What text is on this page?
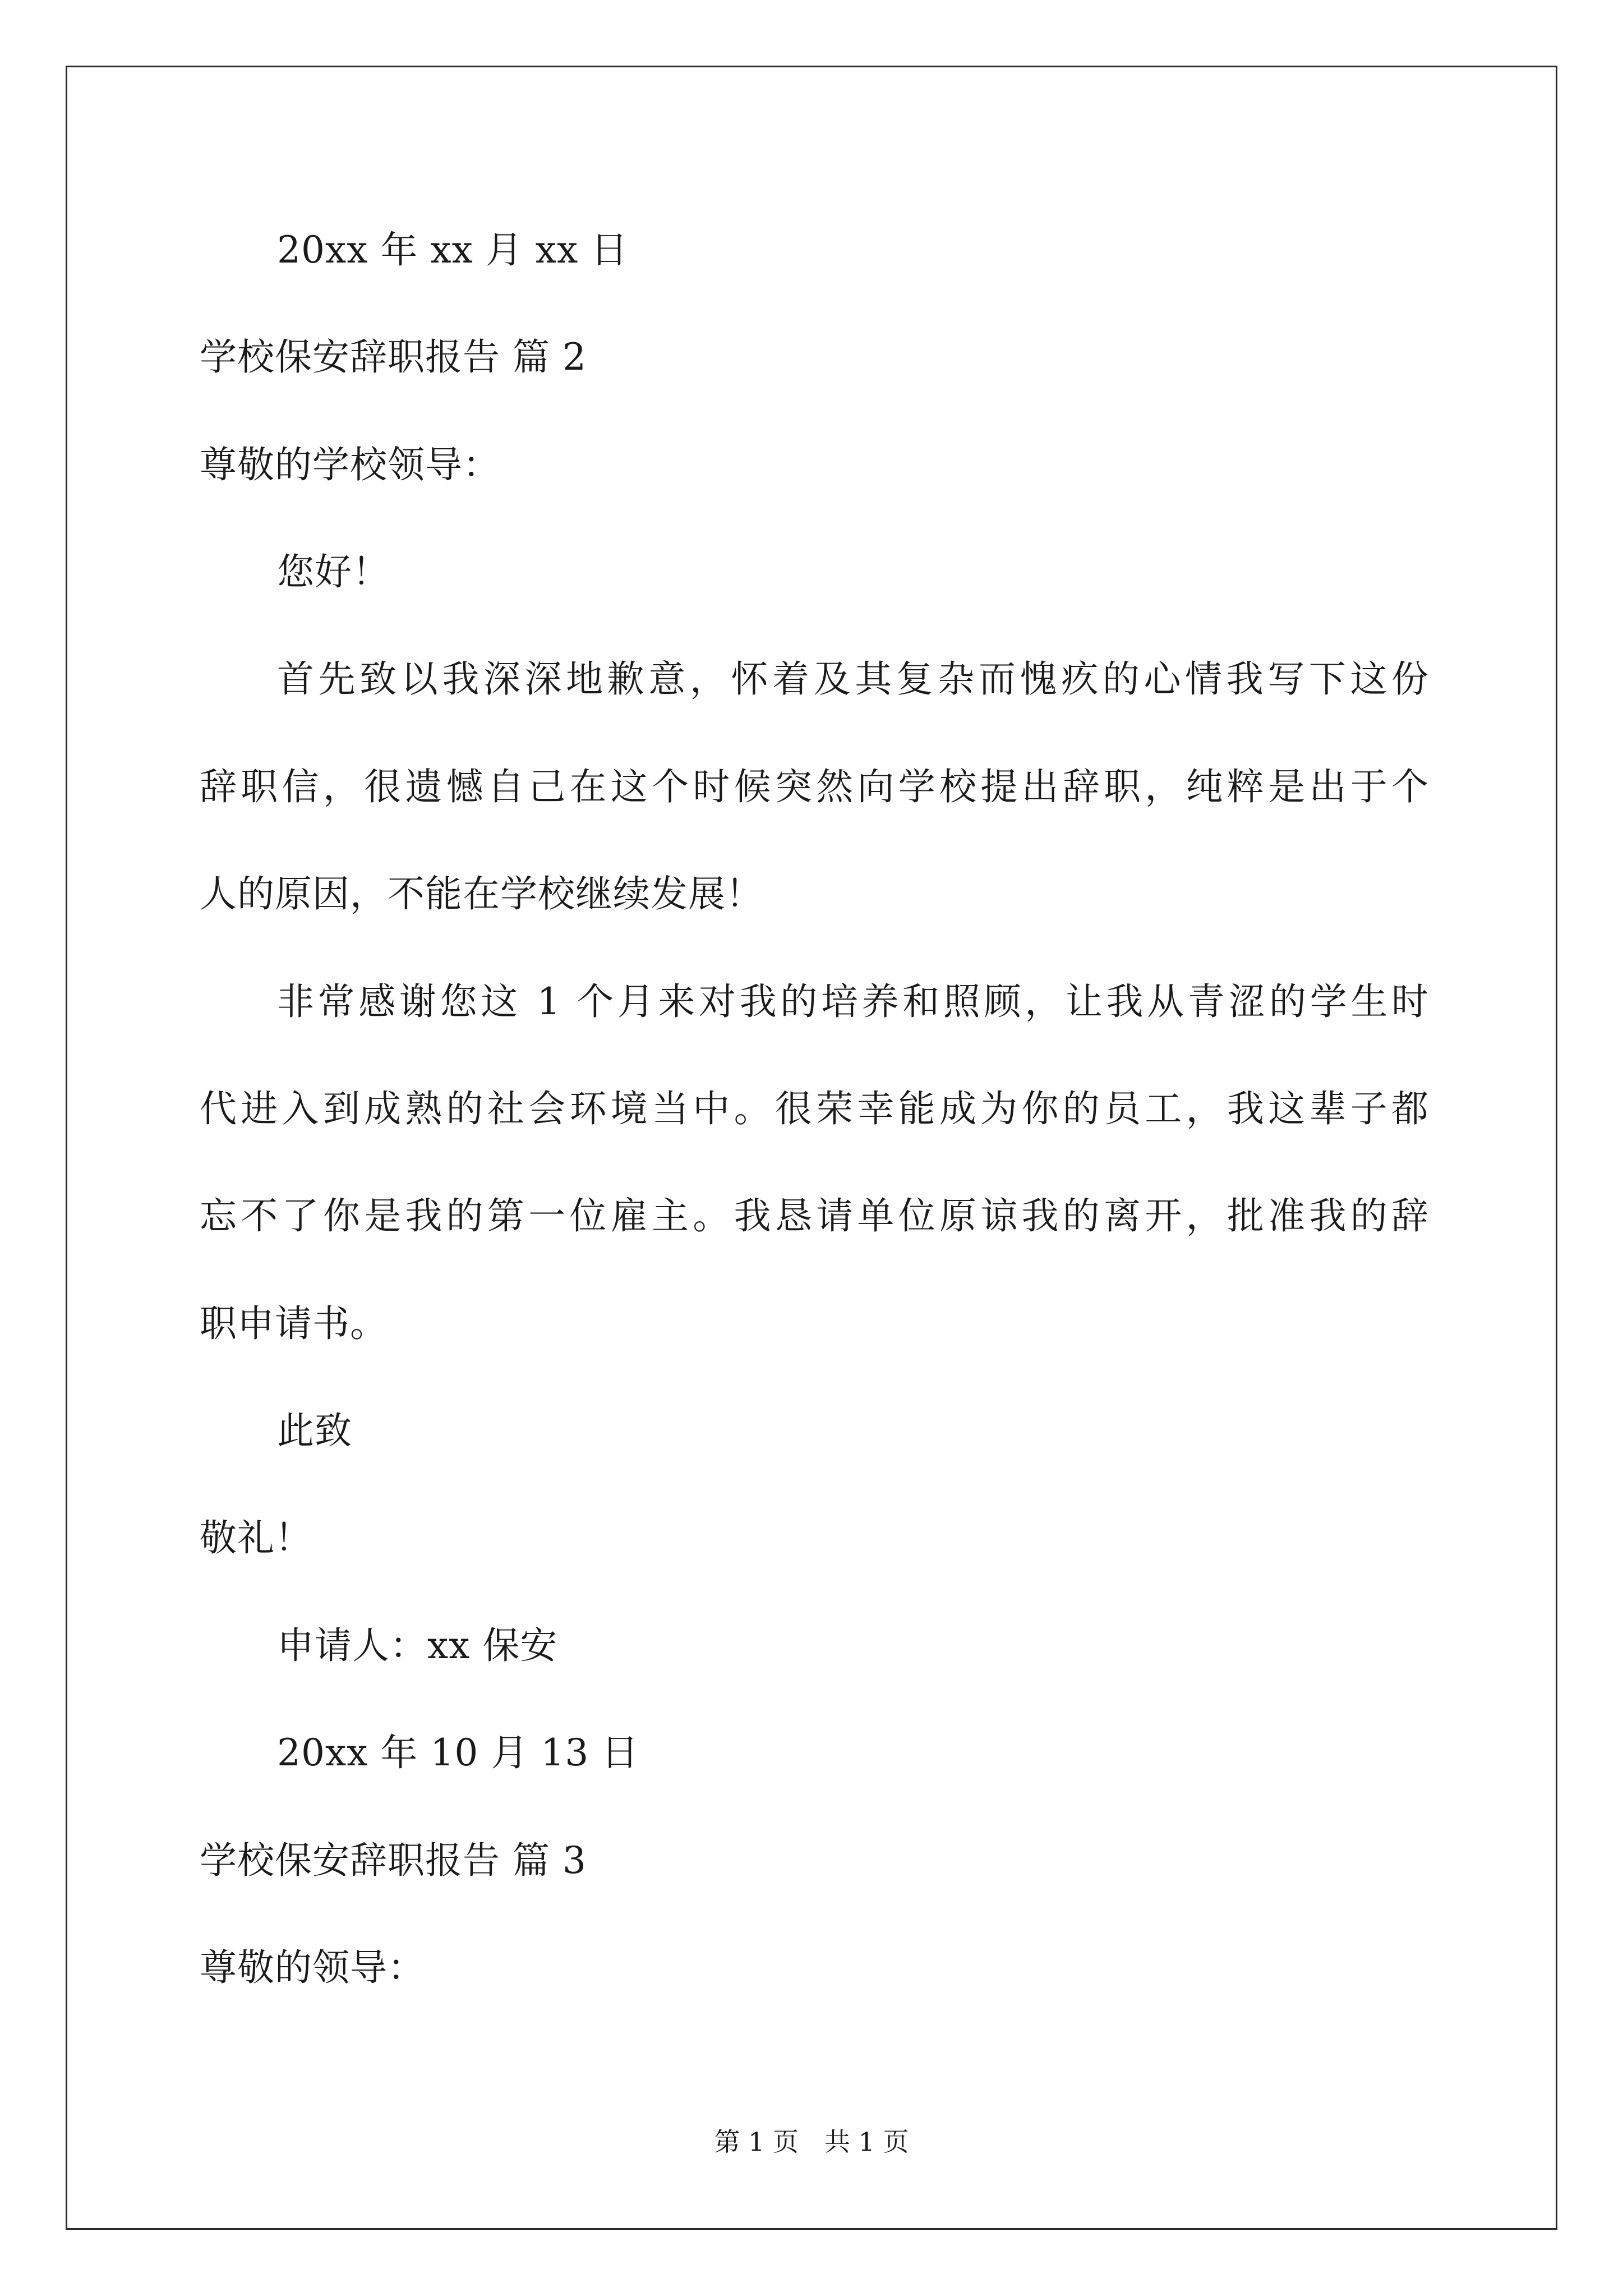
20xx 年 xx 月 xx 日
学校保安辞职报告 篇 2
尊敬的学校领导：
您好！
首先致以我深深地歉意，怀着及其复杂而愧疚的心情我写下这份
辞职信，很遗憾自己在这个时候突然向学校提出辞职，纯粹是出于个
人的原因，不能在学校继续发展！
非常感谢您这 1 个月来对我的培养和照顾，让我从青涩的学生时
代进入到成熟的社会环境当中。很荣幸能成为你的员工，我这辈子都
忘不了你是我的第一位雇主。我恳请单位原谅我的离开，批准我的辞
职申请书。
此致
敬礼！
申请人：xx 保安
20xx 年 10 月 13 日
学校保安辞职报告 篇 3
尊敬的领导：
第 1 页　共 1 页
